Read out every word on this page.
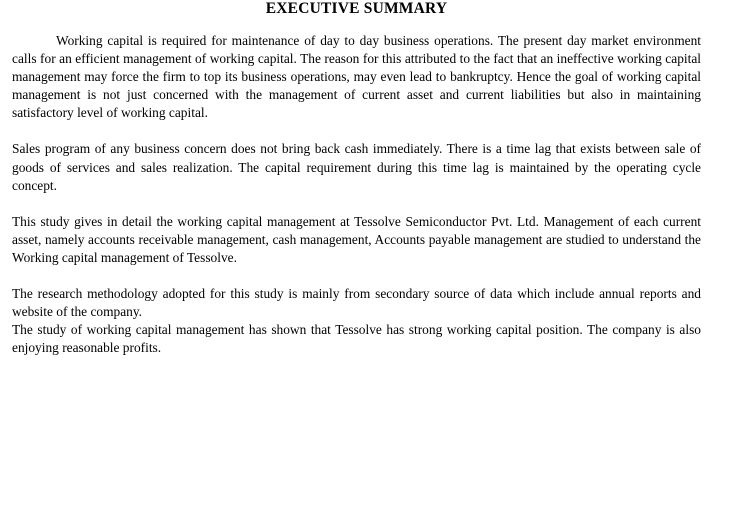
EXECUTIVE SUMMARY

Working capital is required for maintenance of day to day business operations. The present day market environment calls for an efficient management of working capital. The reason for this attributed to the fact that an ineffective working capital management may force the firm to top its business operations, may even lead to bankruptcy. Hence the goal of working capital management is not just concerned with the management of current asset and current liabilities but also in maintaining satisfactory level of working capital.

Sales program of any business concern does not bring back cash immediately. There is a time lag that exists between sale of goods of services and sales realization. The capital requirement during this time lag is maintained by the operating cycle concept.

This study gives in detail the working capital management at Tessolve Semiconductor Pvt. Ltd. Management of each current asset, namely accounts receivable management, cash management, Accounts payable management are studied to understand the Working capital management of Tessolve.

The research methodology adopted for this study is mainly from secondary source of data which include annual reports and website of the company.

The study of working capital management has shown that Tessolve has strong working capital position. The company is also enjoying reasonable profits.
